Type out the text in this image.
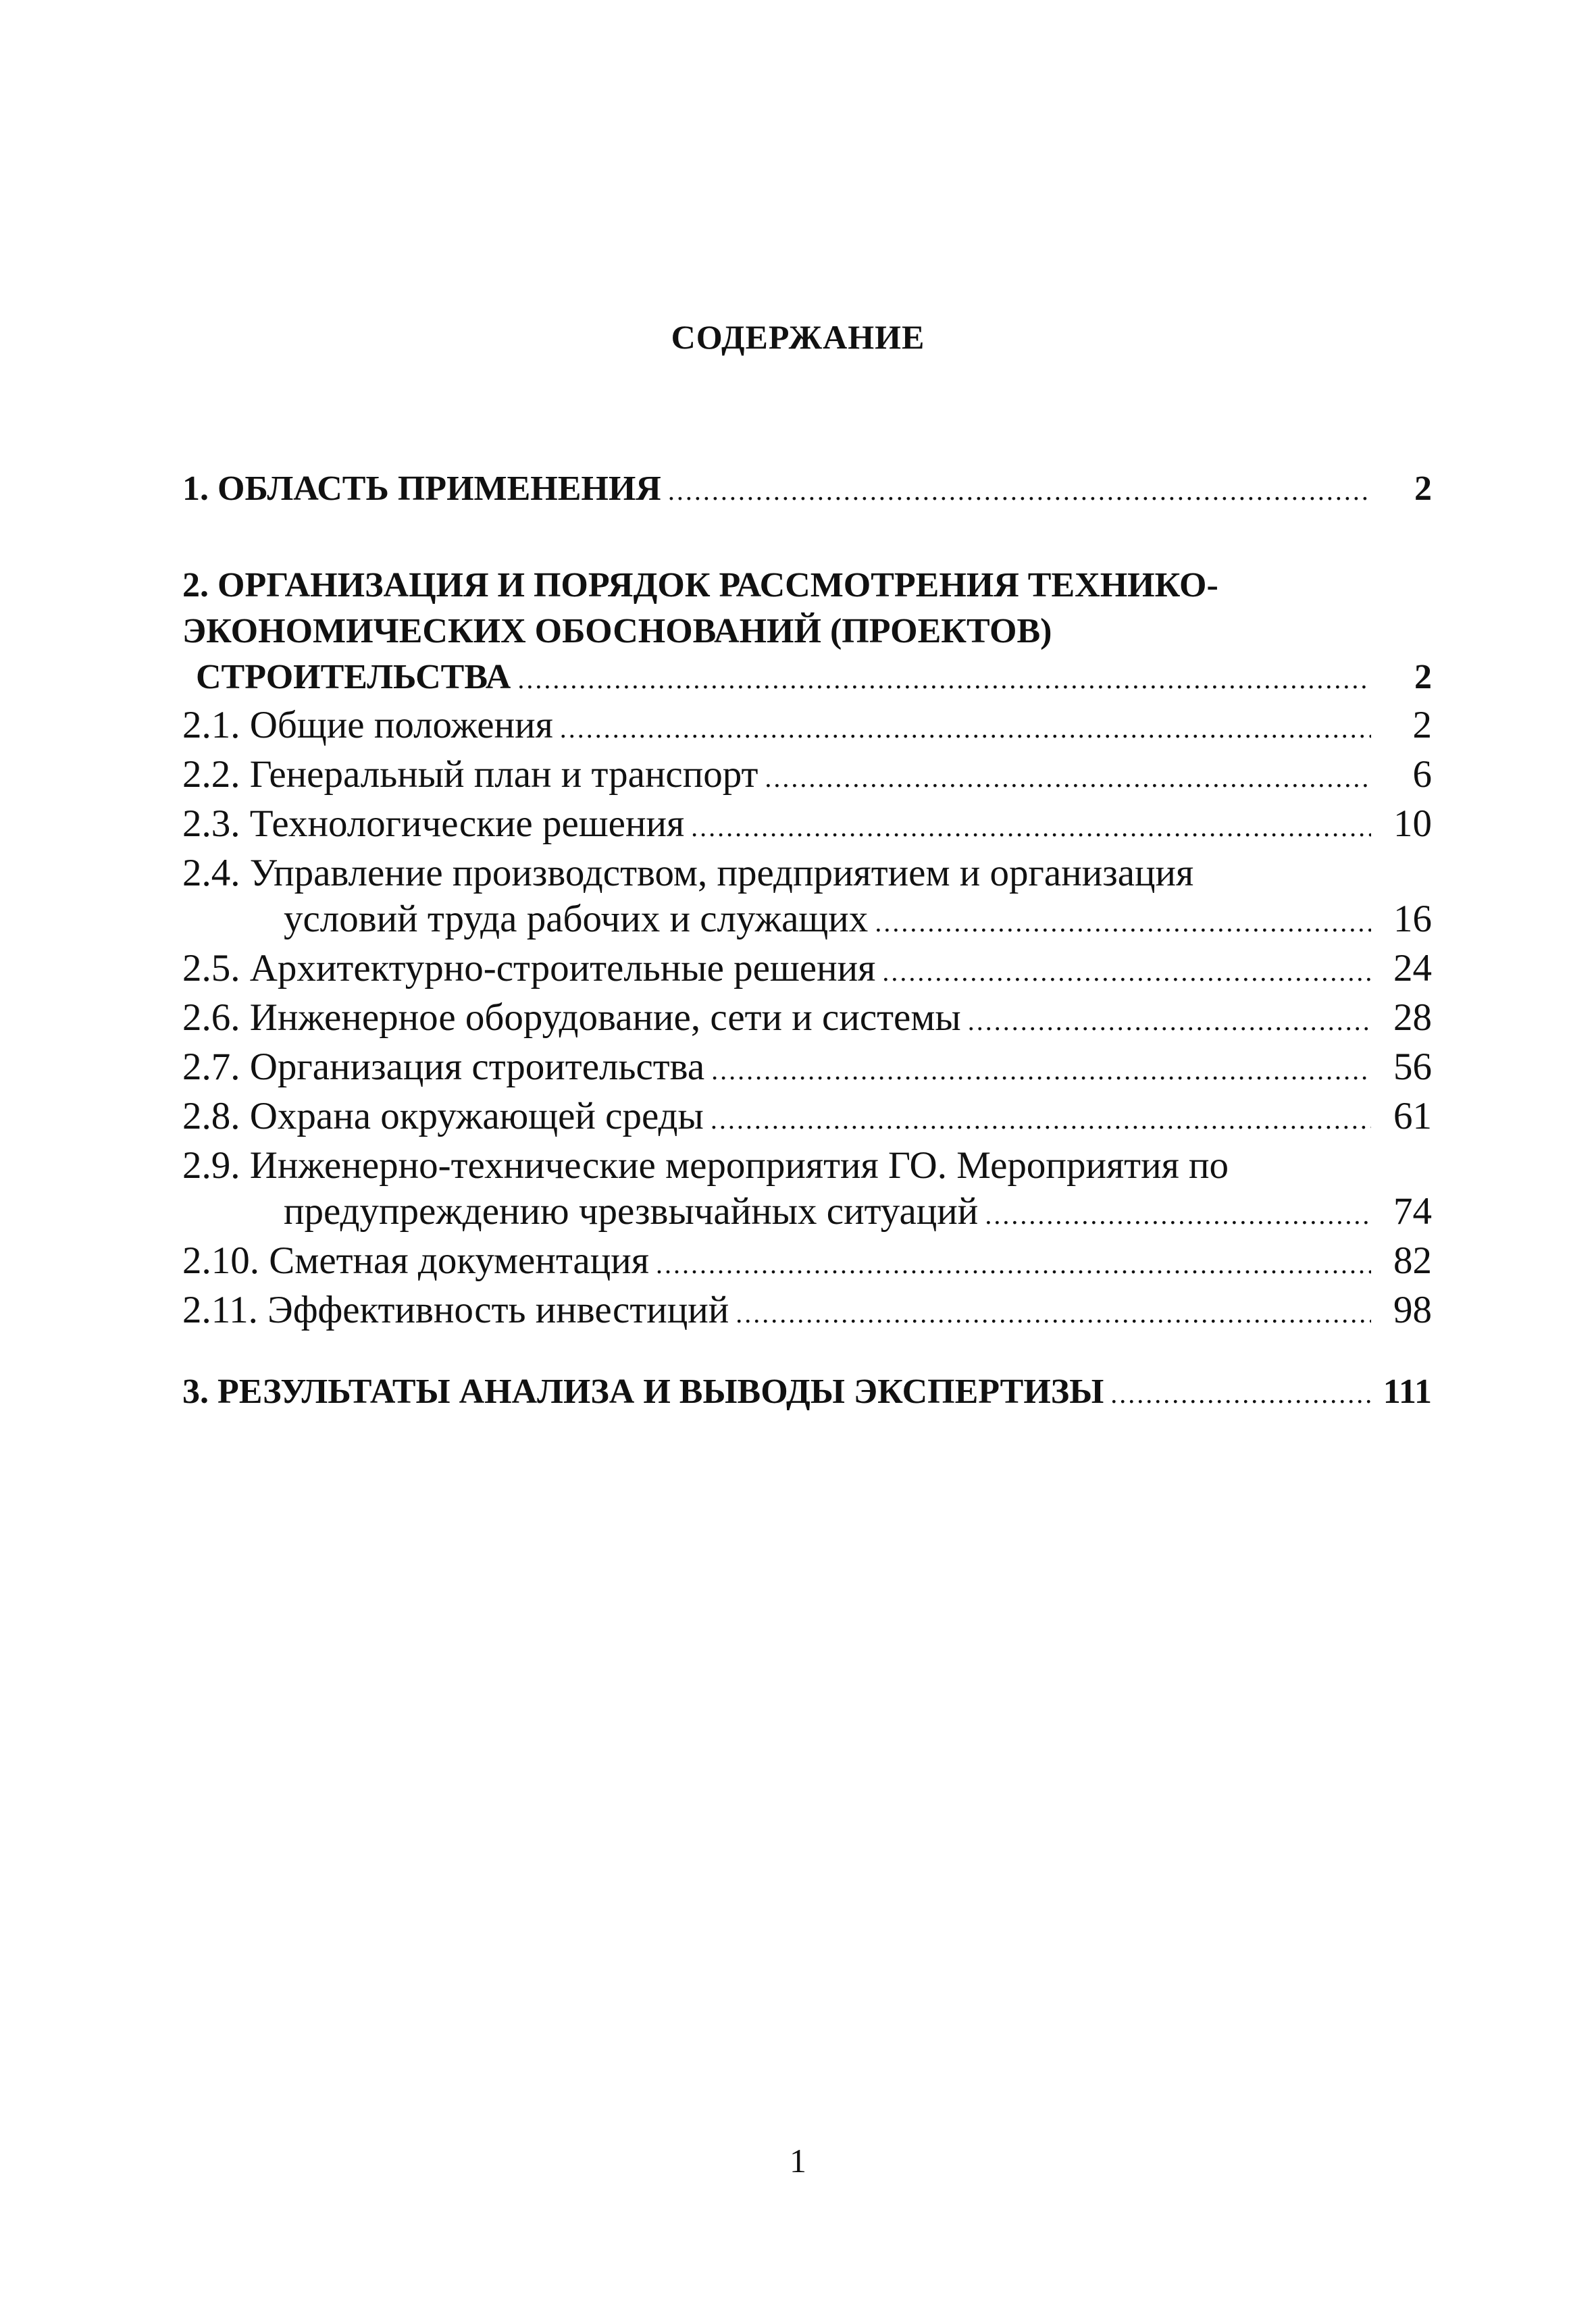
СОДЕРЖАНИЕ
1. ОБЛАСТЬ ПРИМЕНЕНИЯ .....	2
2. ОРГАНИЗАЦИЯ И ПОРЯДОК РАССМОТРЕНИЯ ТЕХНИКО-
ЭКОНОМИЧЕСКИХ ОБОСНОВАНИЙ (ПРОЕКТОВ)
СТРОИТЕЛЬСТВА .....	2
2.1. Общие положения .....	2
2.2. Генеральный план и транспорт .....	6
2.3. Технологические решения .....	10
2.4. Управление производством, предприятием и организация
условий труда рабочих и служащих .....	16
2.5. Архитектурно-строительные решения .....	24
2.6. Инженерное оборудование, сети и системы .....	28
2.7. Организация строительства .....	56
2.8. Охрана окружающей среды .....	61
2.9. Инженерно-технические мероприятия ГО. Мероприятия по
предупреждению чрезвычайных ситуаций .....	74
2.10. Сметная документация .....	82
2.11. Эффективность инвестиций .....	98
3. РЕЗУЛЬТАТЫ АНАЛИЗА И ВЫВОДЫ ЭКСПЕРТИЗЫ .....	111
1
